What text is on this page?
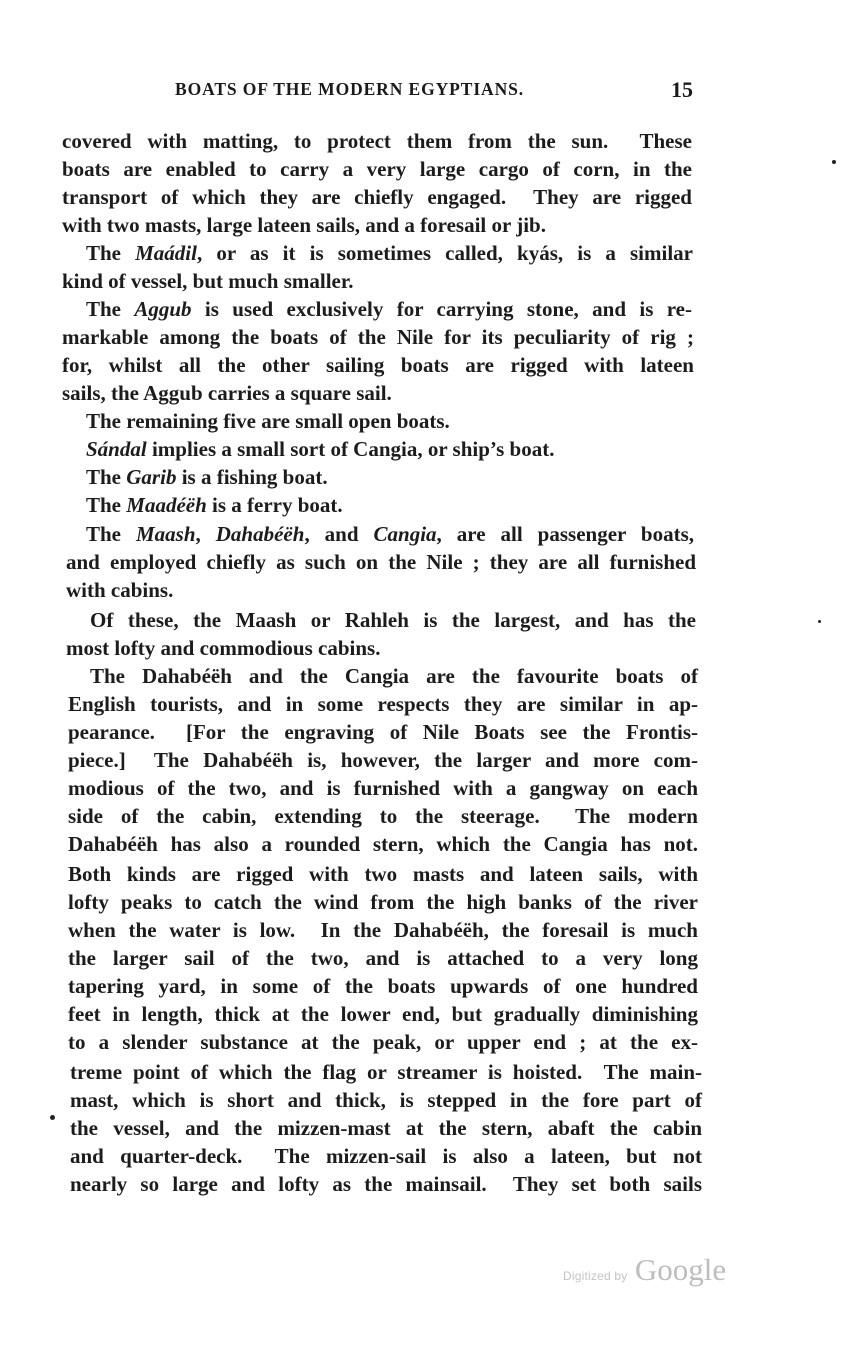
BOATS OF THE MODERN EGYPTIANS.	15
covered with matting, to protect them from the sun.  These
boats are enabled to carry a very large cargo of corn, in the
transport of which they are chiefly engaged.  They are rigged
with two masts, large lateen sails, and a foresail or jib.
The Maádil, or as it is sometimes called, kyás, is a similar
kind of vessel, but much smaller.
The Aggub is used exclusively for carrying stone, and is re-
markable among the boats of the Nile for its peculiarity of rig ;
for, whilst all the other sailing boats are rigged with lateen
sails, the Aggub carries a square sail.
The remaining five are small open boats.
Sándal implies a small sort of Cangia, or ship’s boat.
The Garib is a fishing boat.
The Maadéëh is a ferry boat.
The Maash, Dahabéëh, and Cangia, are all passenger boats,
and employed chiefly as such on the Nile ; they are all furnished
with cabins.
Of these, the Maash or Rahleh is the largest, and has the
most lofty and commodious cabins.
The Dahabéëh and the Cangia are the favourite boats of
English tourists, and in some respects they are similar in ap-
pearance.  [For the engraving of Nile Boats see the Frontis-
piece.]  The Dahabéëh is, however, the larger and more com-
modious of the two, and is furnished with a gangway on each
side of the cabin, extending to the steerage.  The modern
Dahabéëh has also a rounded stern, which the Cangia has not.
Both kinds are rigged with two masts and lateen sails, with
lofty peaks to catch the wind from the high banks of the river
when the water is low.  In the Dahabéëh, the foresail is much
the larger sail of the two, and is attached to a very long
tapering yard, in some of the boats upwards of one hundred
feet in length, thick at the lower end, but gradually diminishing
to a slender substance at the peak, or upper end ; at the ex-
treme point of which the flag or streamer is hoisted.  The main-
mast, which is short and thick, is stepped in the fore part of
the vessel, and the mizzen-mast at the stern, abaft the cabin
and quarter-deck.  The mizzen-sail is also a lateen, but not
nearly so large and lofty as the mainsail.  They set both sails
Digitized by Google
